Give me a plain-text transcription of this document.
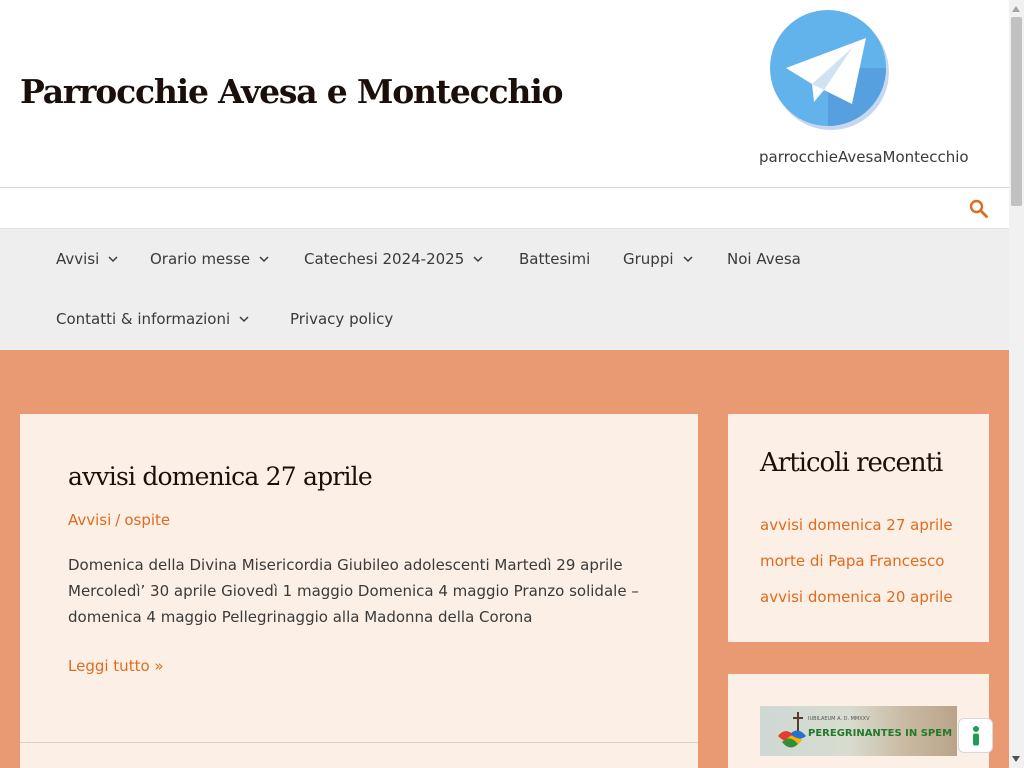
Parrocchie Avesa e Montecchio
parrocchieAvesaMontecchio
Avvisi	Orario messe	Catechesi 2024-2025	Battesimi Gruppi	Noi Avesa
Contatti & informazioni	Privacy policy
avvisi domenica 27 aprile
Avvisi / ospite
Domenica della Divina Misericordia Giubileo adolescenti Martedì 29 aprile Mercoledì’ 30 aprile Giovedì 1 maggio Domenica 4 maggio Pranzo solidale – domenica 4 maggio Pellegrinaggio alla Madonna della Corona
Leggi tutto »
Articoli recenti
avvisi domenica 27 aprile
morte di Papa Francesco
avvisi domenica 20 aprile
IUBILAEUM A. D. MMXXV
PEREGRINANTES IN SPEM
